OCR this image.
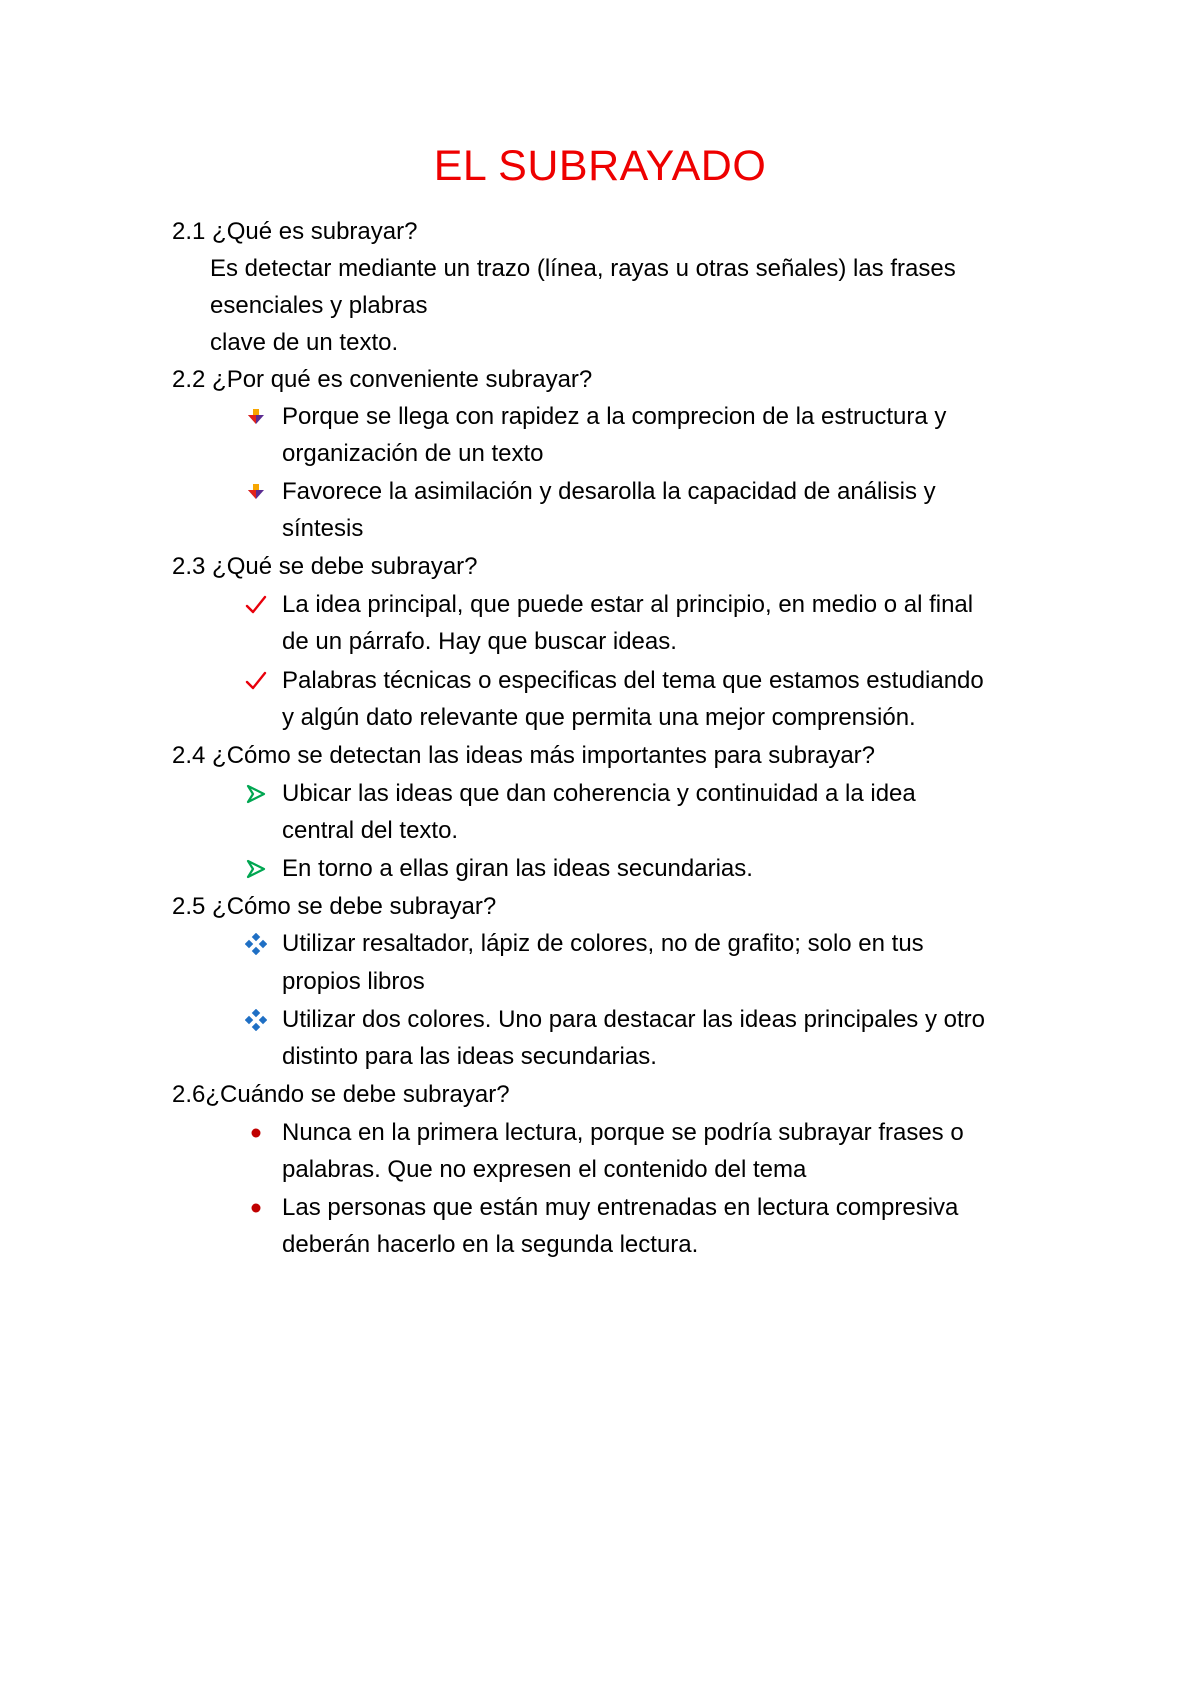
EL SUBRAYADO
2.1 ¿Qué es subrayar?
Es detectar mediante un trazo (línea, rayas u otras señales) las frases
esenciales y plabras
clave de un texto.
2.2 ¿Por qué es conveniente subrayar?
Porque se llega con rapidez a la comprecion de la estructura y
organización de un texto
Favorece la asimilación y desarolla la capacidad de análisis y
síntesis
2.3 ¿Qué se debe subrayar?
La idea principal, que puede estar al principio, en medio o al final
de un párrafo. Hay que buscar ideas.
Palabras técnicas o especificas del tema que estamos estudiando
y algún dato relevante que permita una mejor comprensión.
2.4 ¿Cómo se detectan las ideas más importantes para subrayar?
Ubicar las ideas que dan coherencia y continuidad a la idea
central del texto.
En torno a ellas giran las ideas secundarias.
2.5 ¿Cómo se debe subrayar?
Utilizar resaltador, lápiz de colores, no de grafito; solo en tus
propios libros
Utilizar dos colores. Uno para destacar las ideas principales y otro
distinto para las ideas secundarias.
2.6¿Cuándo se debe subrayar?
Nunca en la primera lectura, porque se podría subrayar frases o
palabras. Que no expresen el contenido del tema
Las personas que están muy entrenadas en lectura compresiva
deberán hacerlo en la segunda lectura.
